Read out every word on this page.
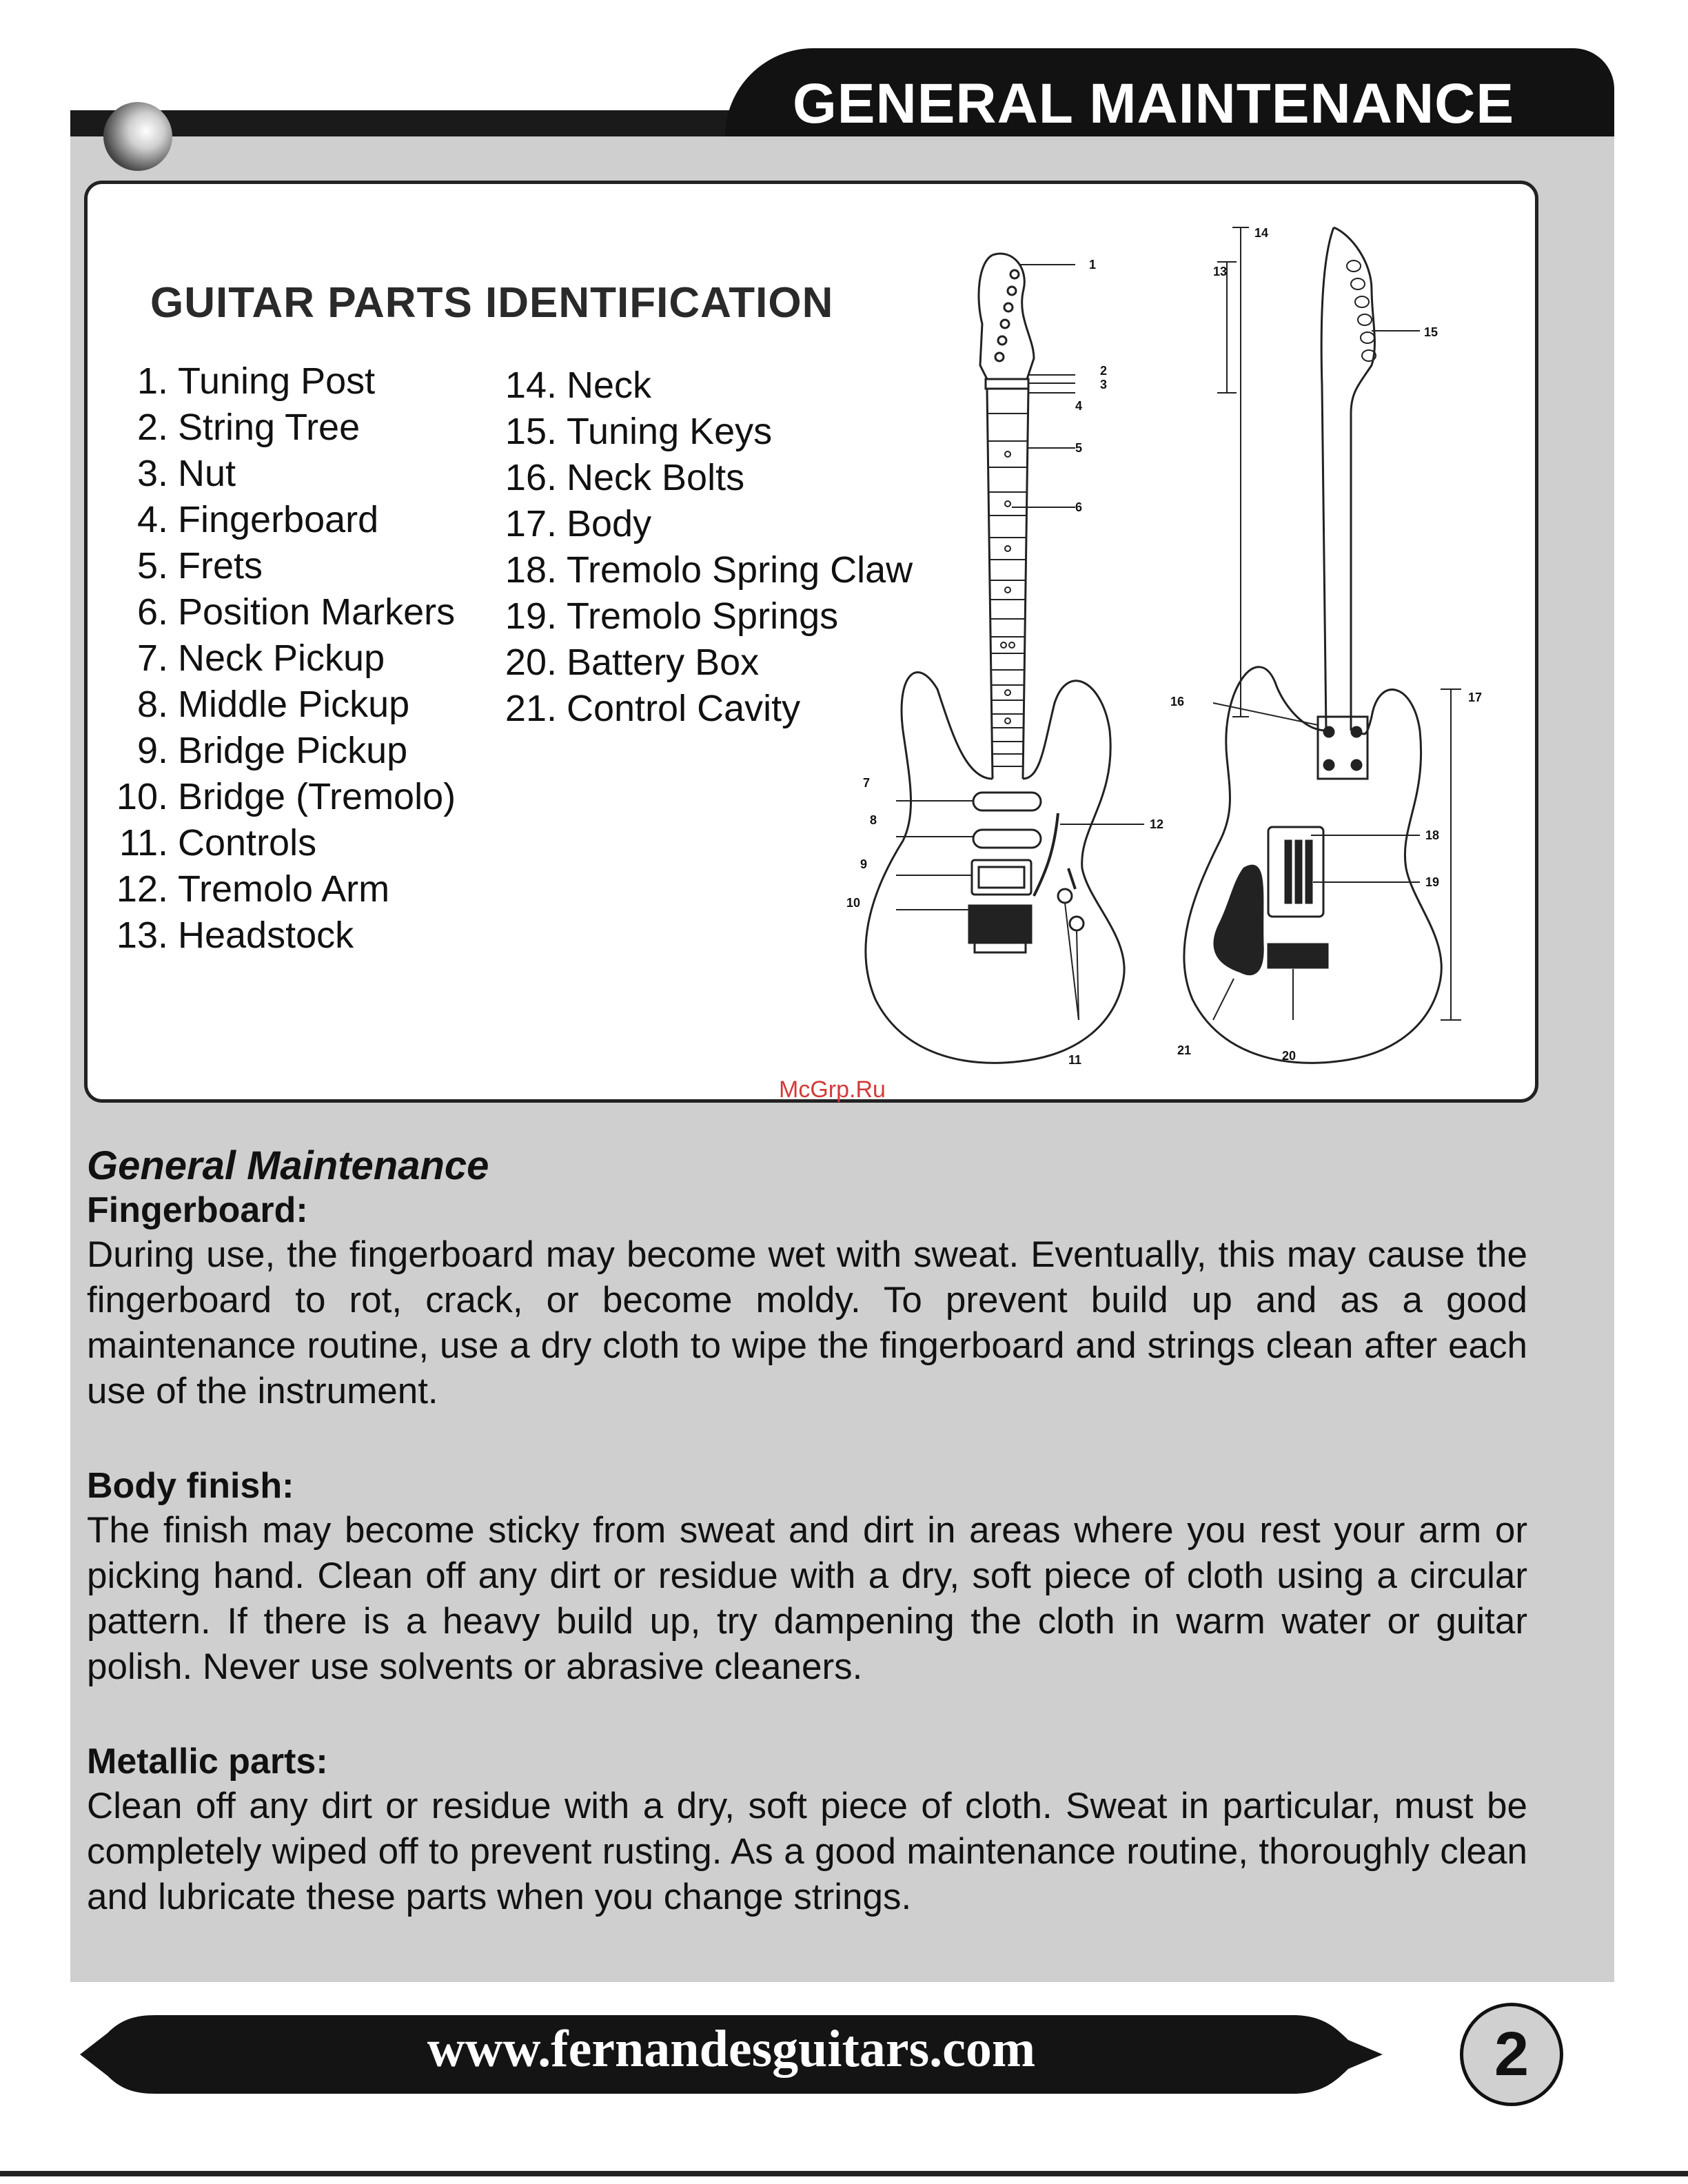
GENERAL MAINTENANCE
GUITAR PARTS IDENTIFICATION
1. Tuning Post
2. String Tree
3. Nut
4. Fingerboard
5. Frets
6. Position Markers
7. Neck Pickup
8. Middle Pickup
9. Bridge Pickup
10. Bridge (Tremolo)
11. Controls
12. Tremolo Arm
13. Headstock
14. Neck
15. Tuning Keys
16. Neck Bolts
17. Body
18. Tremolo Spring Claw
19. Tremolo Springs
20. Battery Box
21. Control Cavity
1
2
3
4
5
6
7
8
9
10
11
12
13
14
15
16	17
18
19
20
21
McGrp.Ru
General Maintenance

Fingerboard:

During use, the fingerboard may become wet with sweat. Eventually, this may cause the fingerboard to rot, crack, or become moldy. To prevent build up and as a good maintenance routine, use a dry cloth to wipe the fingerboard and strings clean after each use of the instrument.

Body finish:

The finish may become sticky from sweat and dirt in areas where you rest your arm or picking hand. Clean off any dirt or residue with a dry, soft piece of cloth using a circular pattern. If there is a heavy build up, try dampening the cloth in warm water or guitar polish. Never use solvents or abrasive cleaners.

Metallic parts:

Clean off any dirt or residue with a dry, soft piece of cloth. Sweat in particular, must be completely wiped off to prevent rusting. As a good maintenance routine, thoroughly clean and lubricate these parts when you change strings.

www.fernandesguitars.com	2
